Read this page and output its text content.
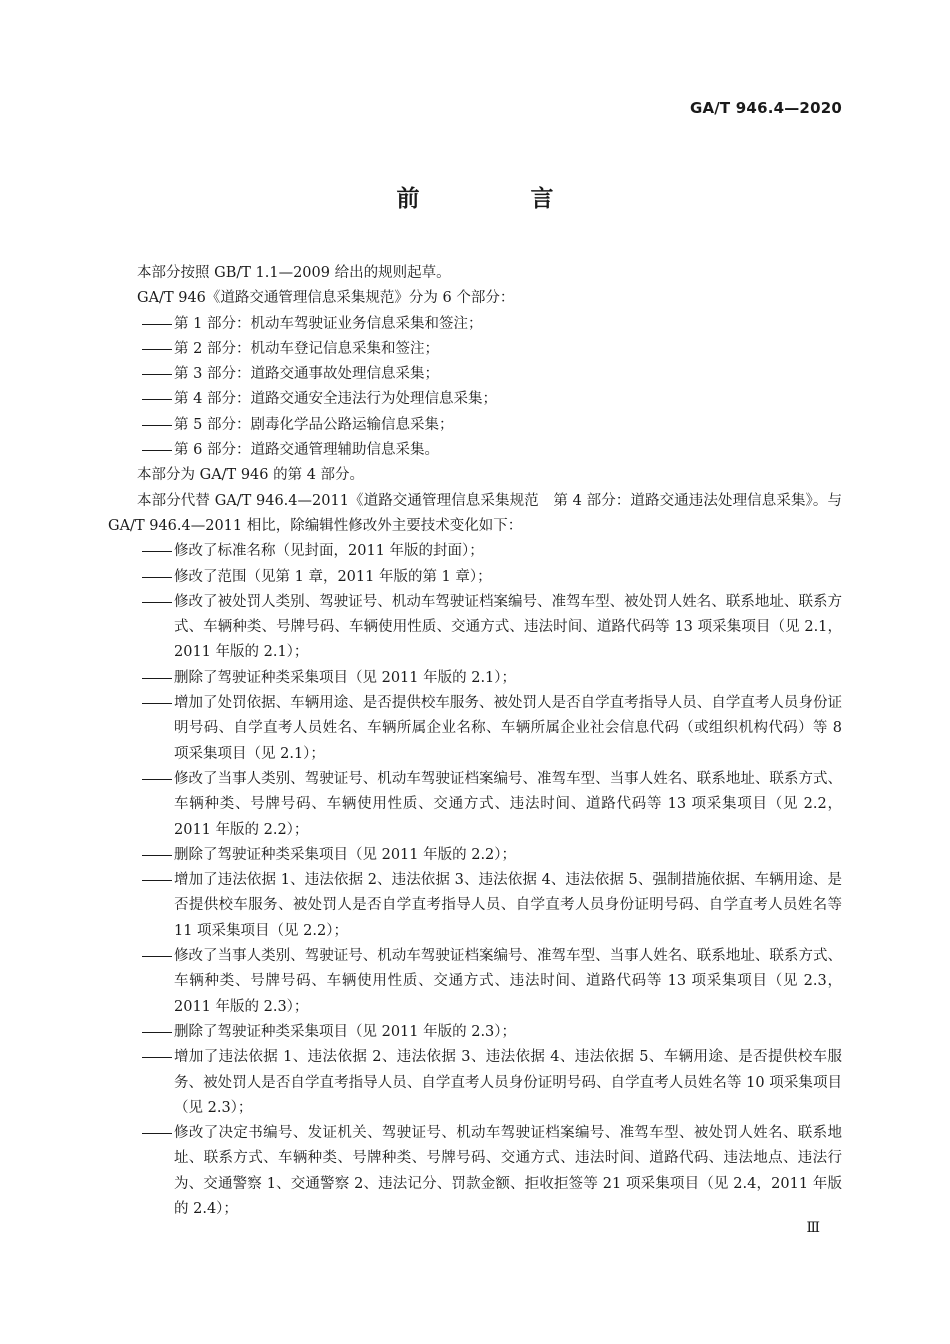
GA/T 946.4—2020
前　言

本部分按照 GB/T 1.1—2009 给出的规则起草。

GA/T 946《道路交通管理信息采集规范》分为 6 个部分：

第 1 部分：机动车驾驶证业务信息采集和签注；

第 2 部分：机动车登记信息采集和签注；

第 3 部分：道路交通事故处理信息采集；

第 4 部分：道路交通安全违法行为处理信息采集；

第 5 部分：剧毒化学品公路运输信息采集；

第 6 部分：道路交通管理辅助信息采集。

本部分为 GA/T 946 的第 4 部分。

本部分代替 GA/T 946.4—2011《道路交通管理信息采集规范　第 4 部分：道路交通违法处理信息采集》。与 GA/T 946.4—2011 相比，除编辑性修改外主要技术变化如下：

修改了标准名称（见封面，2011 年版的封面）；

修改了范围（见第 1 章，2011 年版的第 1 章）；

修改了被处罚人类别、驾驶证号、机动车驾驶证档案编号、准驾车型、被处罚人姓名、联系地址、联系方式、车辆种类、号牌号码、车辆使用性质、交通方式、违法时间、道路代码等 13 项采集项目（见 2.1，2011 年版的 2.1）；

删除了驾驶证种类采集项目（见 2011 年版的 2.1）；

增加了处罚依据、车辆用途、是否提供校车服务、被处罚人是否自学直考指导人员、自学直考人员身份证明号码、自学直考人员姓名、车辆所属企业名称、车辆所属企业社会信息代码（或组织机构代码）等 8 项采集项目（见 2.1）；

修改了当事人类别、驾驶证号、机动车驾驶证档案编号、准驾车型、当事人姓名、联系地址、联系方式、车辆种类、号牌号码、车辆使用性质、交通方式、违法时间、道路代码等 13 项采集项目（见 2.2，2011 年版的 2.2）；

删除了驾驶证种类采集项目（见 2011 年版的 2.2）；

增加了违法依据 1、违法依据 2、违法依据 3、违法依据 4、违法依据 5、强制措施依据、车辆用途、是否提供校车服务、被处罚人是否自学直考指导人员、自学直考人员身份证明号码、自学直考人员姓名等 11 项采集项目（见 2.2）；

修改了当事人类别、驾驶证号、机动车驾驶证档案编号、准驾车型、当事人姓名、联系地址、联系方式、车辆种类、号牌号码、车辆使用性质、交通方式、违法时间、道路代码等 13 项采集项目（见 2.3，2011 年版的 2.3）；

删除了驾驶证种类采集项目（见 2011 年版的 2.3）；

增加了违法依据 1、违法依据 2、违法依据 3、违法依据 4、违法依据 5、车辆用途、是否提供校车服务、被处罚人是否自学直考指导人员、自学直考人员身份证明号码、自学直考人员姓名等 10 项采集项目（见 2.3）；

修改了决定书编号、发证机关、驾驶证号、机动车驾驶证档案编号、准驾车型、被处罚人姓名、联系地址、联系方式、车辆种类、号牌种类、号牌号码、交通方式、违法时间、道路代码、违法地点、违法行为、交通警察 1、交通警察 2、违法记分、罚款金额、拒收拒签等 21 项采集项目（见 2.4，2011 年版的 2.4）；

Ⅲ
